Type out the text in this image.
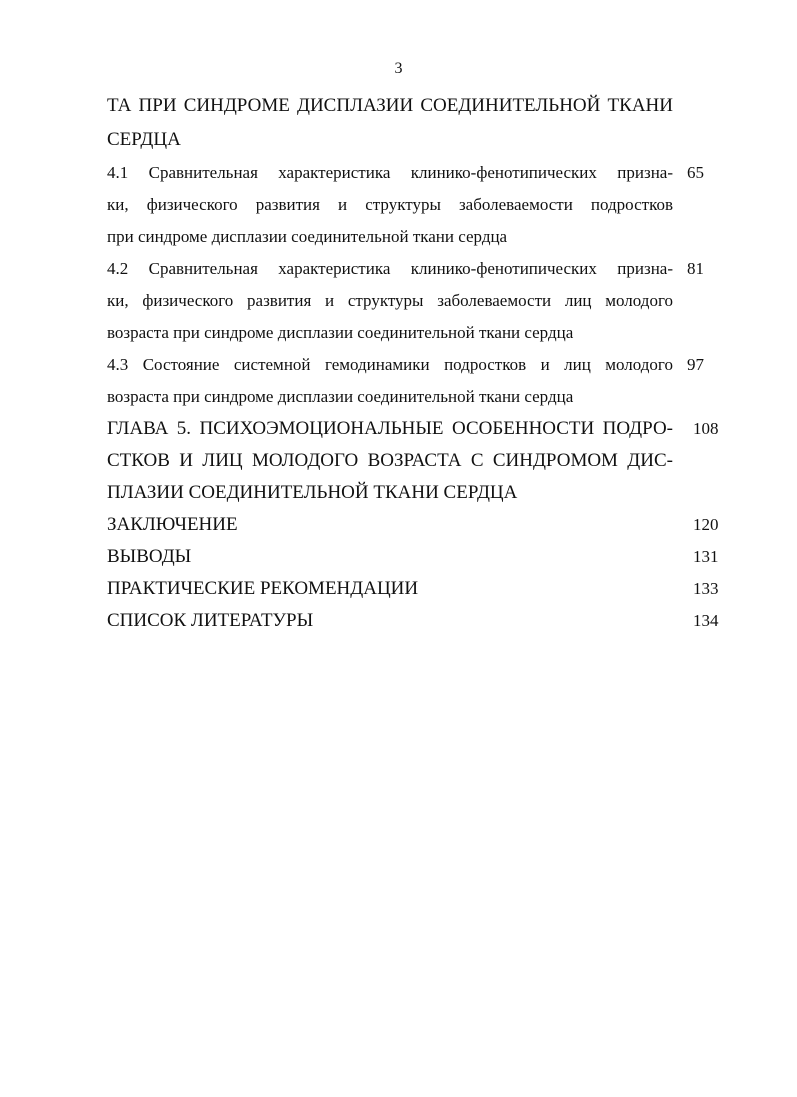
3
ТА ПРИ СИНДРОМЕ ДИСПЛАЗИИ СОЕДИНИТЕЛЬНОЙ ТКАНИ
СЕРДЦА
4.1 Сравнительная характеристика клинико-фенотипических призна-
ки, физического развития и структуры заболеваемости подростков
при синдроме дисплазии соединительной ткани сердца
65
4.2 Сравнительная характеристика клинико-фенотипических призна-
ки, физического развития и структуры заболеваемости лиц молодого
возраста при синдроме дисплазии соединительной ткани сердца
81
4.3 Состояние системной гемодинамики подростков и лиц молодого
возраста при синдроме дисплазии соединительной ткани сердца
97
ГЛАВА 5. ПСИХОЭМОЦИОНАЛЬНЫЕ ОСОБЕННОСТИ ПОДРО-
СТКОВ И ЛИЦ МОЛОДОГО ВОЗРАСТА С СИНДРОМОМ ДИС-
ПЛАЗИИ СОЕДИНИТЕЛЬНОЙ ТКАНИ СЕРДЦА
108
ЗАКЛЮЧЕНИЕ	120
ВЫВОДЫ	131
ПРАКТИЧЕСКИЕ РЕКОМЕНДАЦИИ	133
СПИСОК ЛИТЕРАТУРЫ	134
